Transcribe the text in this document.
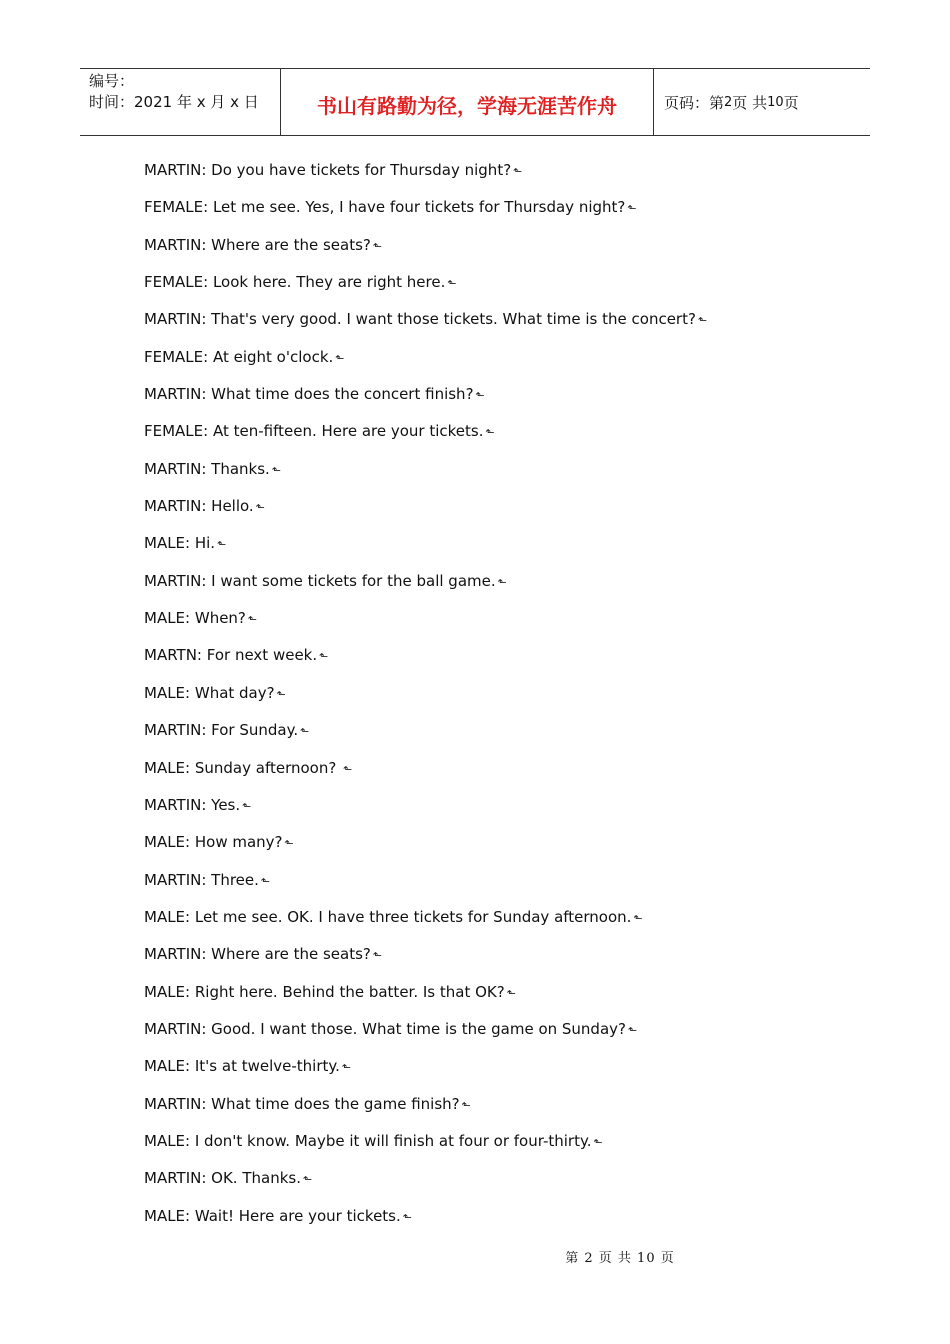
编号：
时间：2021 年 x 月 x 日	书山有路勤为径，学海无涯苦作舟	页码：第 2 页 共 10 页
MARTIN: Do you have tickets for Thursday night? ⬑
FEMALE: Let me see. Yes, I have four tickets for Thursday night? ⬑
MARTIN: Where are the seats? ⬑
FEMALE: Look here. They are right here. ⬑
MARTIN: That's very good. I want those tickets. What time is the concert? ⬑
FEMALE: At eight o'clock. ⬑
MARTIN: What time does the concert finish? ⬑
FEMALE: At ten-fifteen. Here are your tickets. ⬑
MARTIN: Thanks. ⬑
MARTIN: Hello. ⬑
MALE: Hi. ⬑
MARTIN: I want some tickets for the ball game. ⬑
MALE: When? ⬑
MARTN: For next week. ⬑
MALE: What day? ⬑
MARTIN: For Sunday. ⬑
MALE: Sunday afternoon? ⬑
MARTIN: Yes. ⬑
MALE: How many? ⬑
MARTIN: Three. ⬑
MALE: Let me see. OK. I have three tickets for Sunday afternoon. ⬑
MARTIN: Where are the seats? ⬑
MALE: Right here. Behind the batter. Is that OK? ⬑
MARTIN: Good. I want those. What time is the game on Sunday? ⬑
MALE: It's at twelve-thirty. ⬑
MARTIN: What time does the game finish? ⬑
MALE: I don't know. Maybe it will finish at four or four-thirty. ⬑
MARTIN: OK. Thanks. ⬑
MALE: Wait! Here are your tickets. ⬑
第 2 页 共 10 页
